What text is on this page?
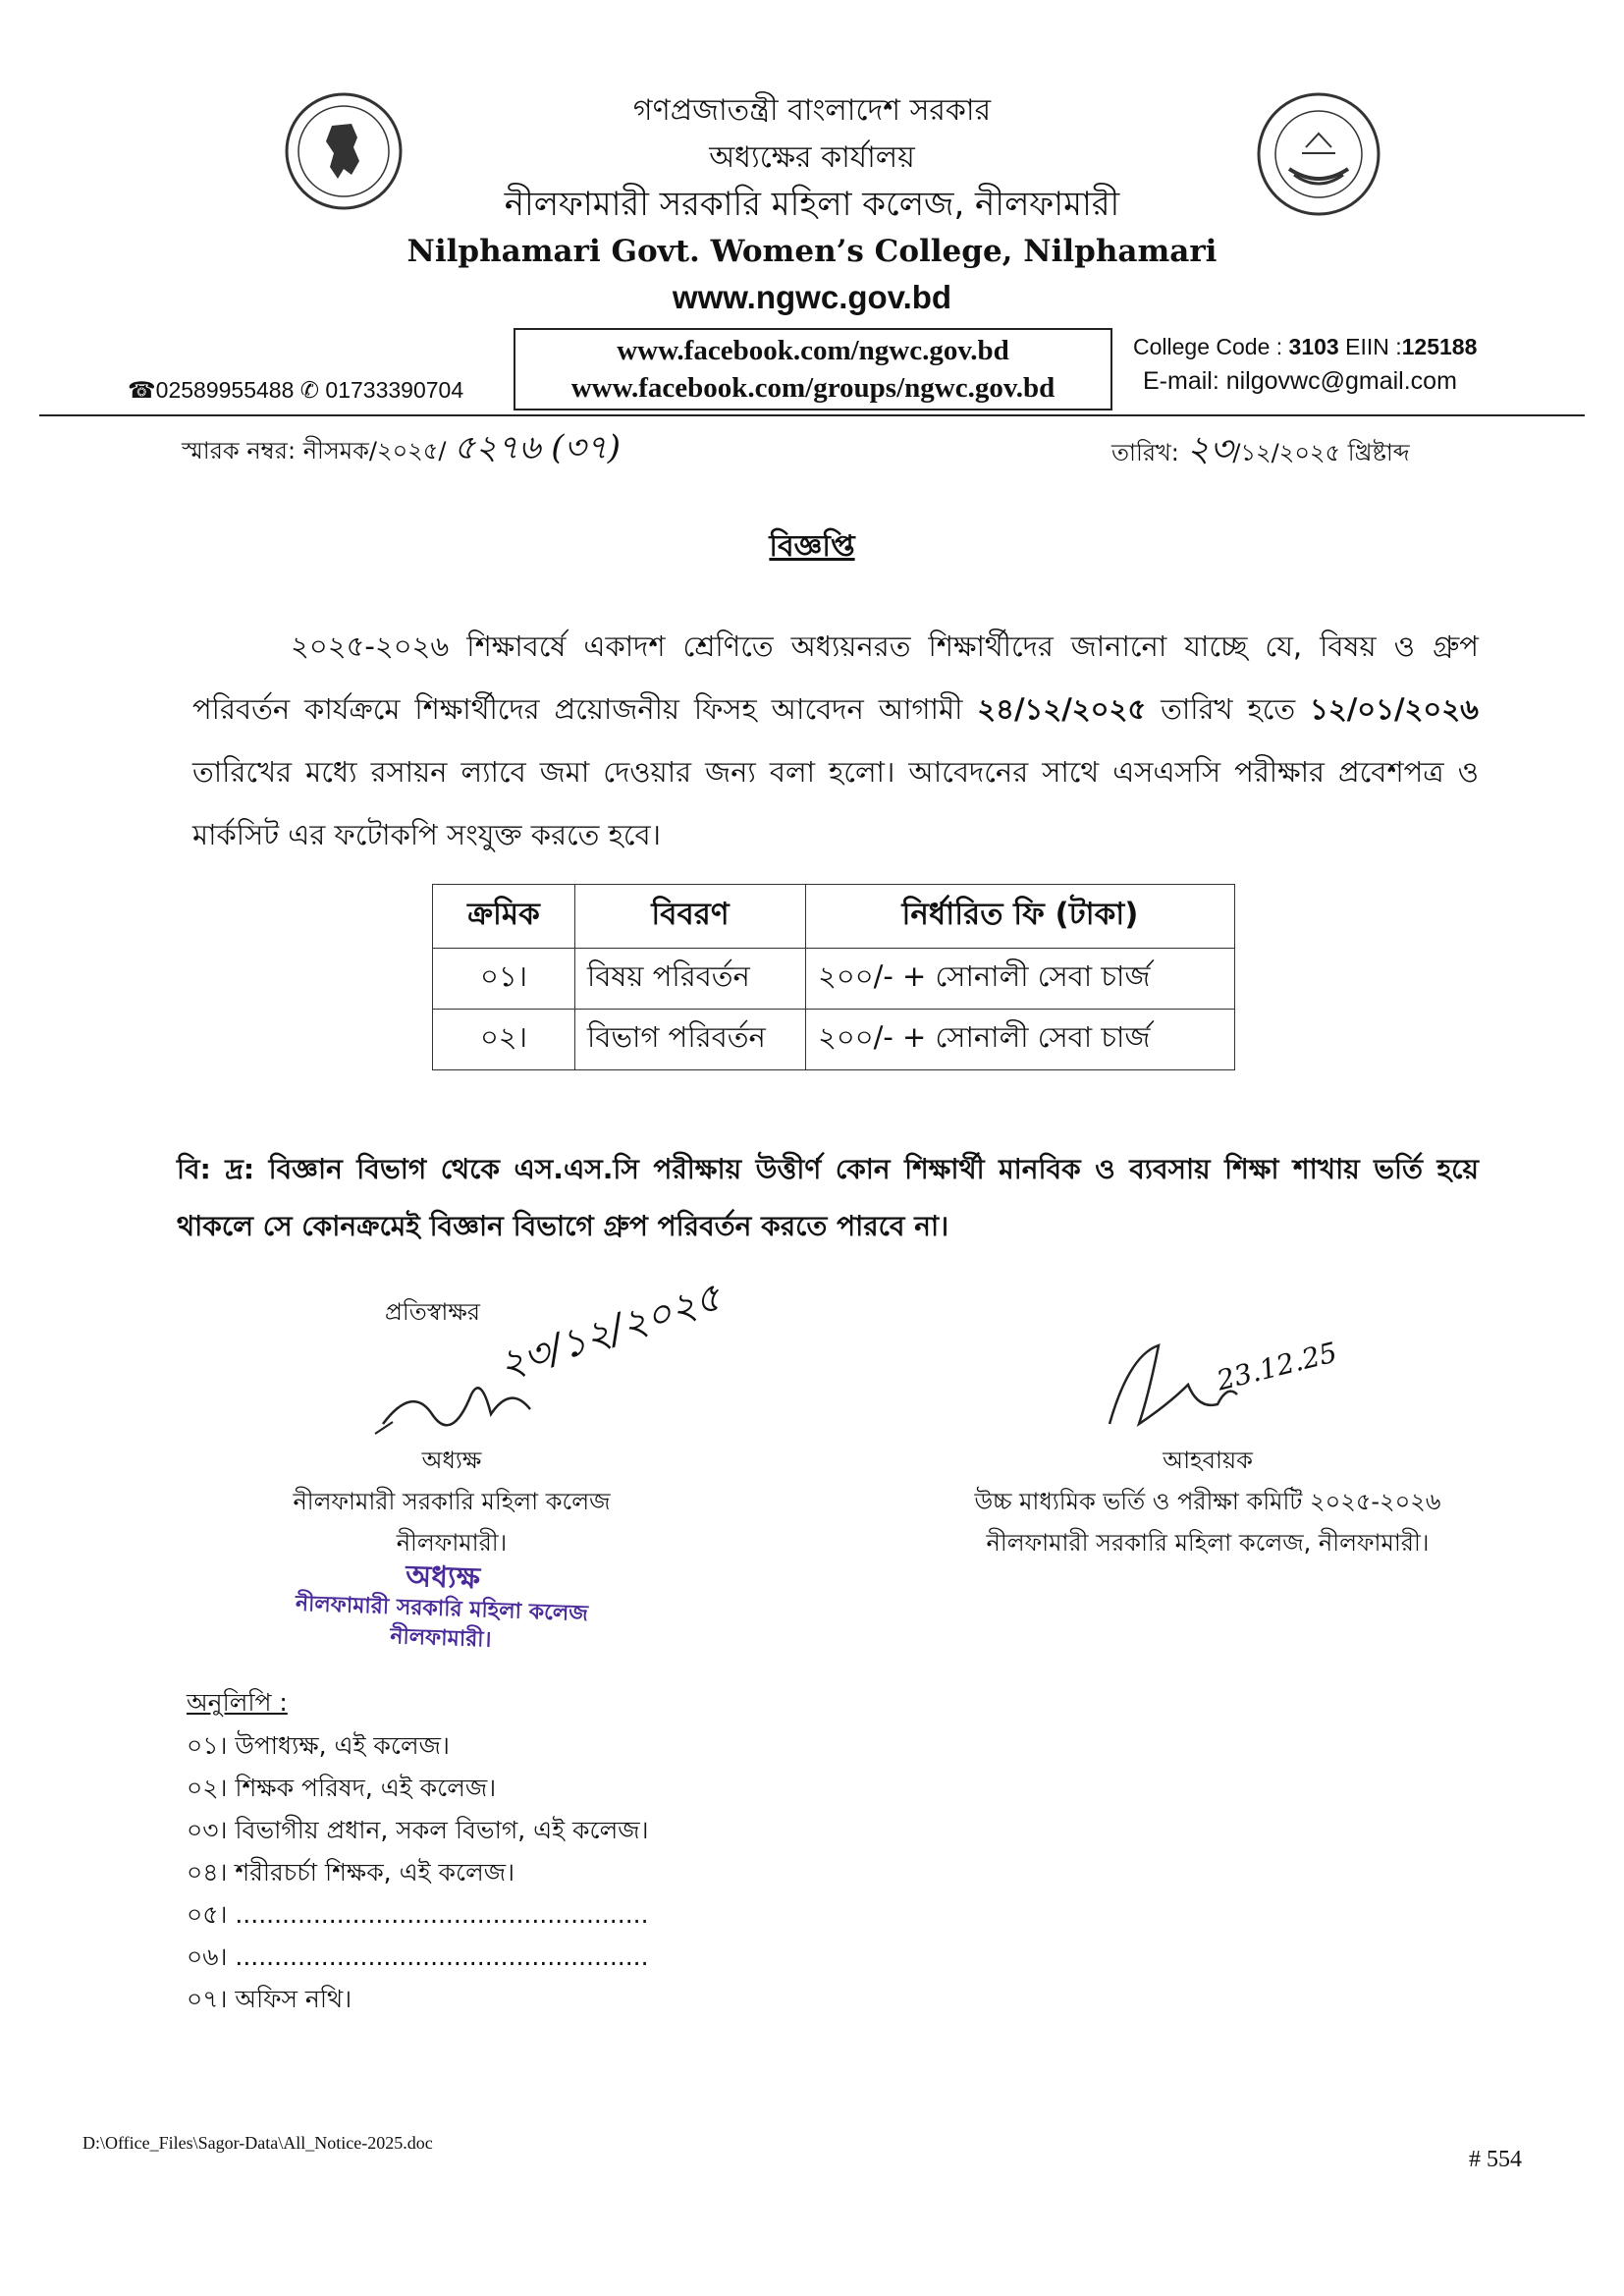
গণপ্রজাতন্ত্রী বাংলাদেশ সরকার
অধ্যক্ষের কার্যালয়
নীলফামারী সরকারি মহিলা কলেজ, নীলফামারী
Nilphamari Govt. Women’s College, Nilphamari
www.ngwc.gov.bd
www.facebook.com/ngwc.gov.bd
www.facebook.com/groups/ngwc.gov.bd
☎02589955488 ✆ 01733390704
College Code : 3103 EIIN :125188
E-mail: nilgovwc@gmail.com
স্মারক নম্বর: নীসমক/২০২৫/ ৫২৭৬ (৩৭)	তারিখ: ২৩/১২/২০২৫ খ্রিষ্টাব্দ
বিজ্ঞপ্তি
২০২৫-২০২৬ শিক্ষাবর্ষে একাদশ শ্রেণিতে অধ্যয়নরত শিক্ষার্থীদের জানানো যাচ্ছে যে, বিষয় ও গ্রুপ পরিবর্তন কার্যক্রমে শিক্ষার্থীদের প্রয়োজনীয় ফিসহ আবেদন আগামী ২৪/১২/২০২৫ তারিখ হতে ১২/০১/২০২৬ তারিখের মধ্যে রসায়ন ল্যাবে জমা দেওয়ার জন্য বলা হলো। আবেদনের সাথে এসএসসি পরীক্ষার প্রবেশপত্র ও মার্কসিট এর ফটোকপি সংযুক্ত করতে হবে।
ক্রমিক	বিবরণ	নির্ধারিত ফি (টাকা)
০১।	বিষয় পরিবর্তন	২০০/- + সোনালী সেবা চার্জ
০২।	বিভাগ পরিবর্তন	২০০/- + সোনালী সেবা চার্জ
বি: দ্র: বিজ্ঞান বিভাগ থেকে এস.এস.সি পরীক্ষায় উত্তীর্ণ কোন শিক্ষার্থী মানবিক ও ব্যবসায় শিক্ষা শাখায় ভর্তি হয়ে থাকলে সে কোনক্রমেই বিজ্ঞান বিভাগে গ্রুপ পরিবর্তন করতে পারবে না।
প্রতিস্বাক্ষর ২৩/১২/২০২৫
অধ্যক্ষ
নীলফামারী সরকারি মহিলা কলেজ
নীলফামারী।
অধ্যক্ষ
নীলফামারী সরকারি মহিলা কলেজ
নীলফামারী।
23.12.25
আহবায়ক
উচ্চ মাধ্যমিক ভর্তি ও পরীক্ষা কমিটি ২০২৫-২০২৬
নীলফামারী সরকারি মহিলা কলেজ, নীলফামারী।
অনুলিপি :
০১। উপাধ্যক্ষ, এই কলেজ।
০২। শিক্ষক পরিষদ, এই কলেজ।
০৩। বিভাগীয় প্রধান, সকল বিভাগ, এই কলেজ।
০৪। শরীরচর্চা শিক্ষক, এই কলেজ।
০৫। .....................................................
০৬। .....................................................
০৭। অফিস নথি।
D:\Office_Files\Sagor-Data\All_Notice-2025.doc
# 554
